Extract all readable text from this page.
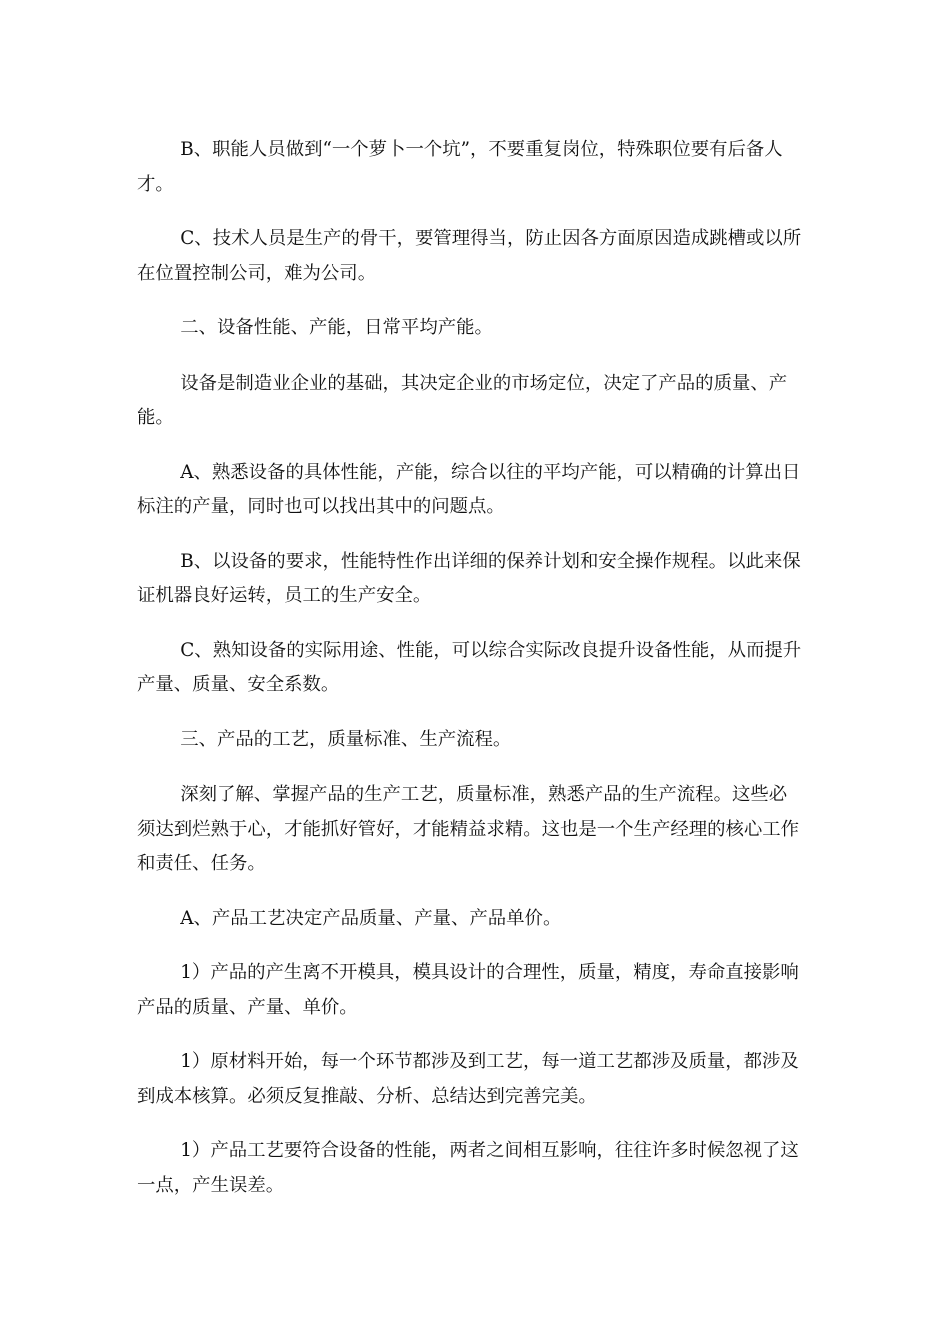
B、职能人员做到“一个萝卜一个坑”，不要重复岗位，特殊职位要有后备人才。

C、技术人员是生产的骨干，要管理得当，防止因各方面原因造成跳槽或以所在位置控制公司，难为公司。

二、设备性能、产能，日常平均产能。

设备是制造业企业的基础，其决定企业的市场定位，决定了产品的质量、产能。

A、熟悉设备的具体性能，产能，综合以往的平均产能，可以精确的计算出日标注的产量，同时也可以找出其中的问题点。

B、以设备的要求，性能特性作出详细的保养计划和安全操作规程。以此来保证机器良好运转，员工的生产安全。

C、熟知设备的实际用途、性能，可以综合实际改良提升设备性能，从而提升产量、质量、安全系数。

三、产品的工艺，质量标准、生产流程。

深刻了解、掌握产品的生产工艺，质量标准，熟悉产品的生产流程。这些必须达到烂熟于心，才能抓好管好，才能精益求精。这也是一个生产经理的核心工作和责任、任务。

A、产品工艺决定产品质量、产量、产品单价。

1）产品的产生离不开模具，模具设计的合理性，质量，精度，寿命直接影响产品的质量、产量、单价。

1）原材料开始，每一个环节都涉及到工艺，每一道工艺都涉及质量，都涉及到成本核算。必须反复推敲、分析、总结达到完善完美。

1）产品工艺要符合设备的性能，两者之间相互影响，往往许多时候忽视了这一点，产生误差。
